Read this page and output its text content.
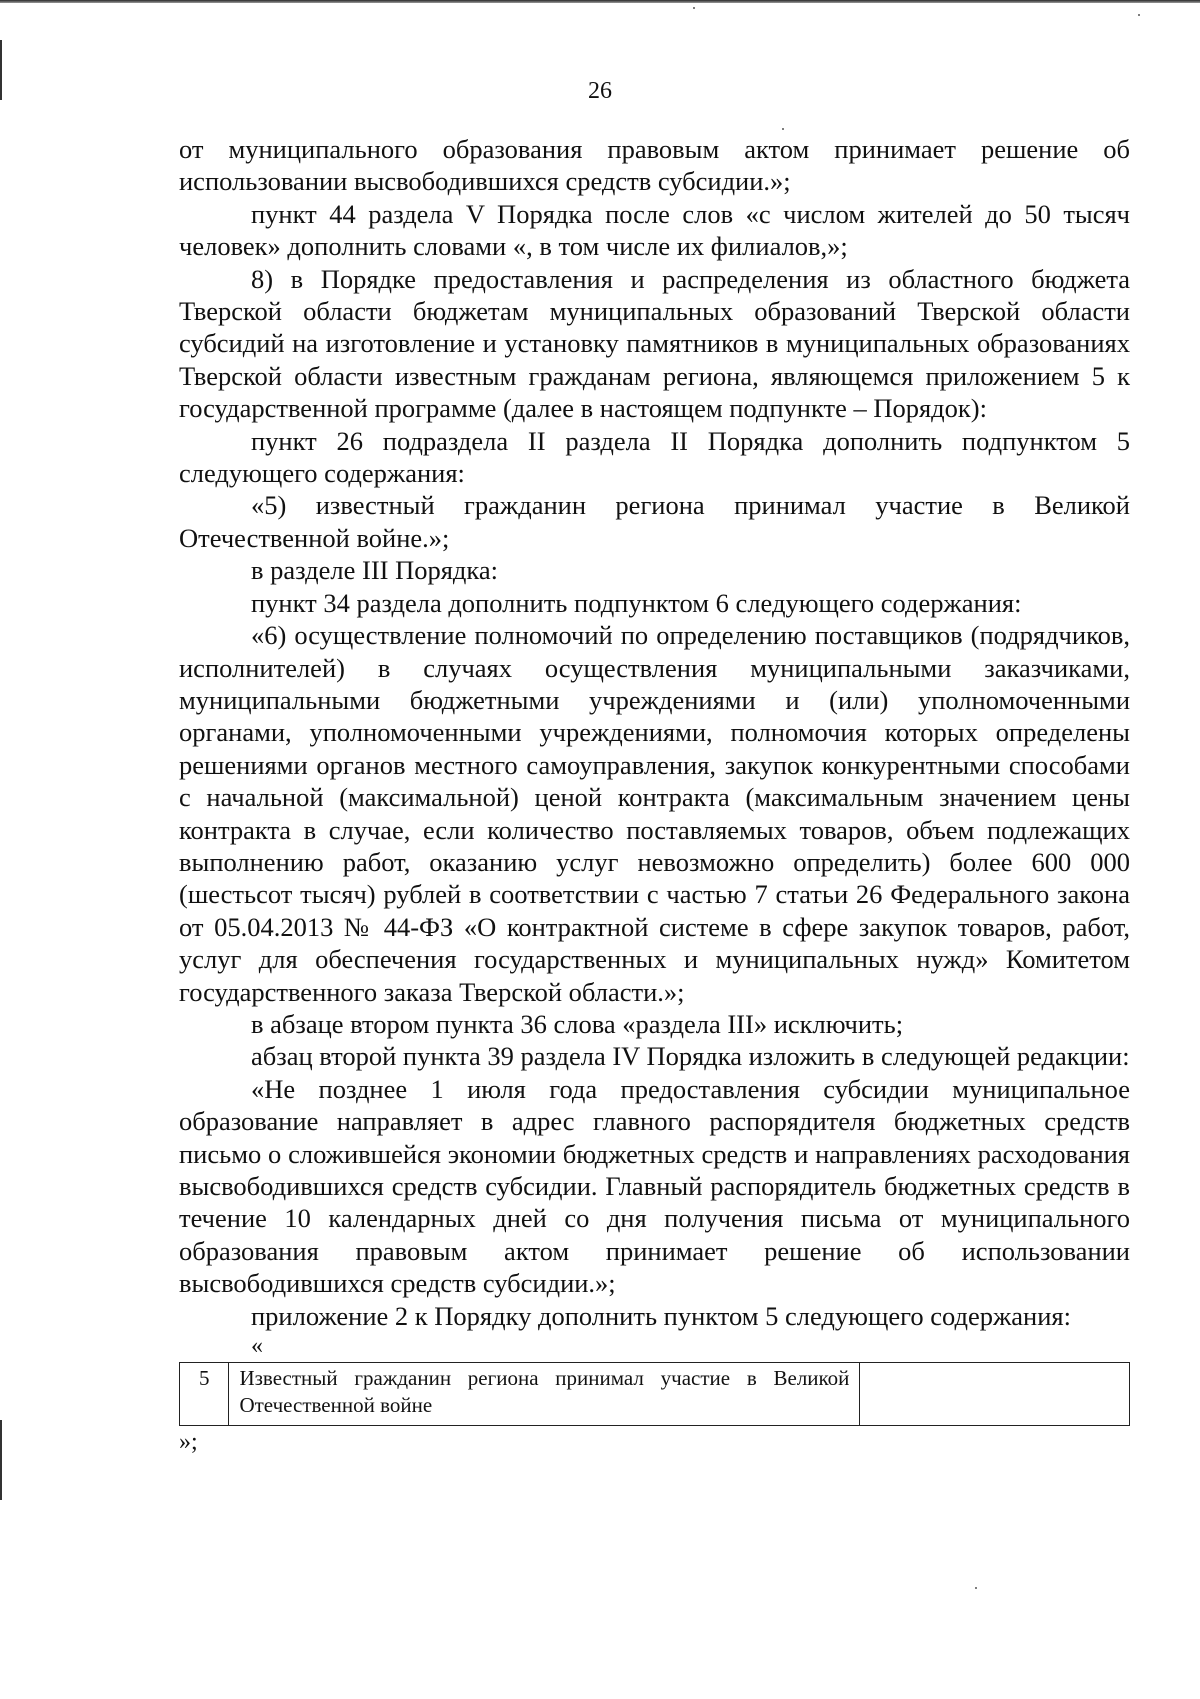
26

от муниципального образования правовым актом принимает решение об использовании высвободившихся средств субсидии.»;

пункт 44 раздела V Порядка после слов «с числом жителей до 50 тысяч человек» дополнить словами «, в том числе их филиалов,»;

8) в Порядке предоставления и распределения из областного бюджета Тверской области бюджетам муниципальных образований Тверской области субсидий на изготовление и установку памятников в муниципальных образованиях Тверской области известным гражданам региона, являющемся приложением 5 к государственной программе (далее в настоящем подпункте – Порядок):

пункт 26 подраздела II раздела II Порядка дополнить подпунктом 5 следующего содержания:

«5) известный гражданин региона принимал участие в Великой Отечественной войне.»;

в разделе III Порядка:

пункт 34 раздела дополнить подпунктом 6 следующего содержания:

«6) осуществление полномочий по определению поставщиков (подрядчиков, исполнителей) в случаях осуществления муниципальными заказчиками, муниципальными бюджетными учреждениями и (или) уполномоченными органами, уполномоченными учреждениями, полномочия которых определены решениями органов местного самоуправления, закупок конкурентными способами с начальной (максимальной) ценой контракта (максимальным значением цены контракта в случае, если количество поставляемых товаров, объем подлежащих выполнению работ, оказанию услуг невозможно определить) более 600 000 (шестьсот тысяч) рублей в соответствии с частью 7 статьи 26 Федерального закона от 05.04.2013 № 44-ФЗ «О контрактной системе в сфере закупок товаров, работ, услуг для обеспечения государственных и муниципальных нужд» Комитетом государственного заказа Тверской области.»;

в абзаце втором пункта 36 слова «раздела III» исключить;

абзац второй пункта 39 раздела IV Порядка изложить в следующей редакции:

«Не позднее 1 июля года предоставления субсидии муниципальное образование направляет в адрес главного распорядителя бюджетных средств письмо о сложившейся экономии бюджетных средств и направлениях расходования высвободившихся средств субсидии. Главный распорядитель бюджетных средств в течение 10 календарных дней со дня получения письма от муниципального образования правовым актом принимает решение об использовании высвободившихся средств субсидии.»;

приложение 2 к Порядку дополнить пунктом 5 следующего содержания:

«

5	Известный гражданин региона принимал участие в Великой Отечественной войне	

»;
